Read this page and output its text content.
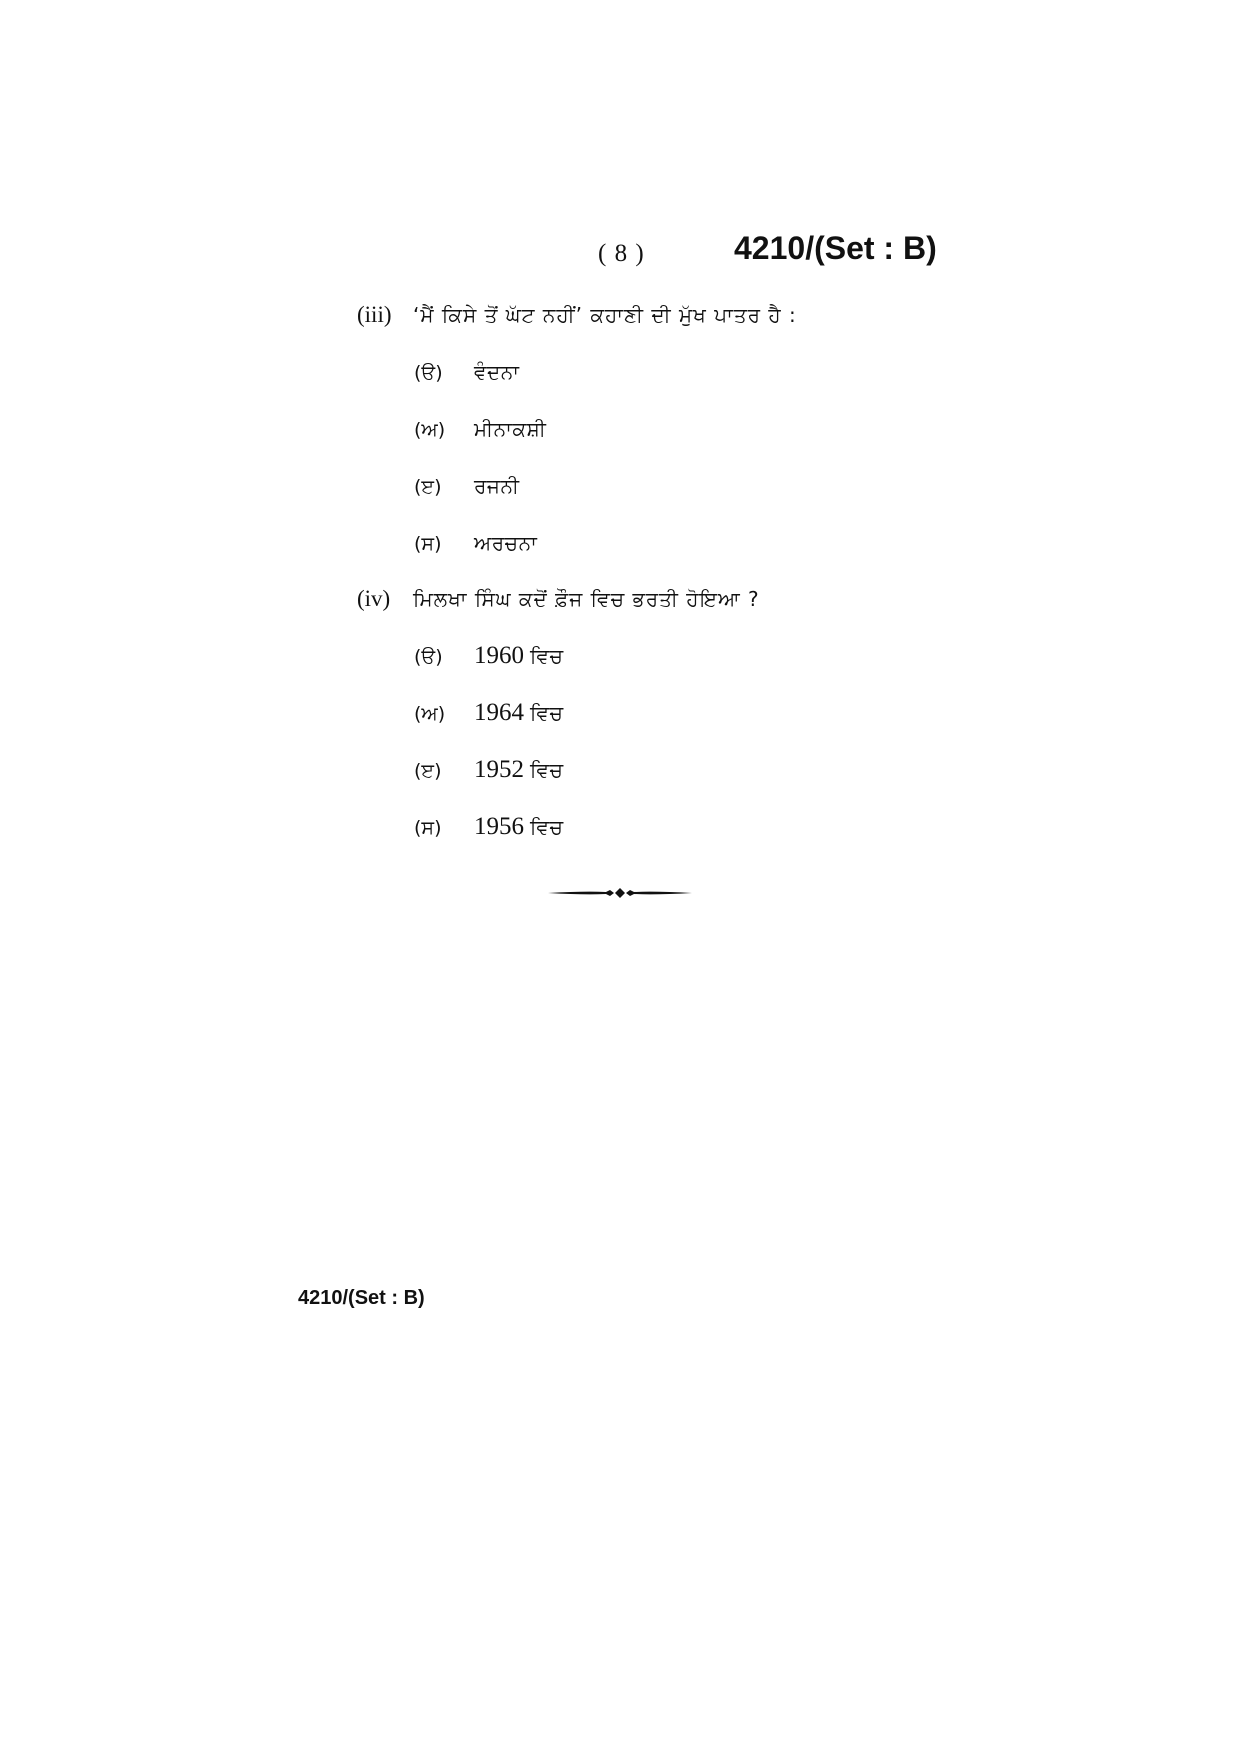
( 8 )	4210/(Set : B)
(iii) ‘ਮੈਂ ਕਿਸੇ ਤੋਂ ਘੱਟ ਨਹੀਂ’ ਕਹਾਣੀ ਦੀ ਮੁੱਖ ਪਾਤਰ ਹੈ :
(ੳ) ਵੰਦਨਾ
(ਅ) ਮੀਨਾਕਸ਼ੀ
(ੲ) ਰਜਨੀ
(ਸ) ਅਰਚਨਾ
(iv) ਮਿਲਖਾ ਸਿੰਘ ਕਦੋਂ ਫ਼ੌਜ ਵਿਚ ਭਰਤੀ ਹੋਇਆ ?
(ੳ) 1960 ਵਿਚ
(ਅ) 1964 ਵਿਚ
(ੲ) 1952 ਵਿਚ
(ਸ) 1956 ਵਿਚ
4210/(Set : B)
